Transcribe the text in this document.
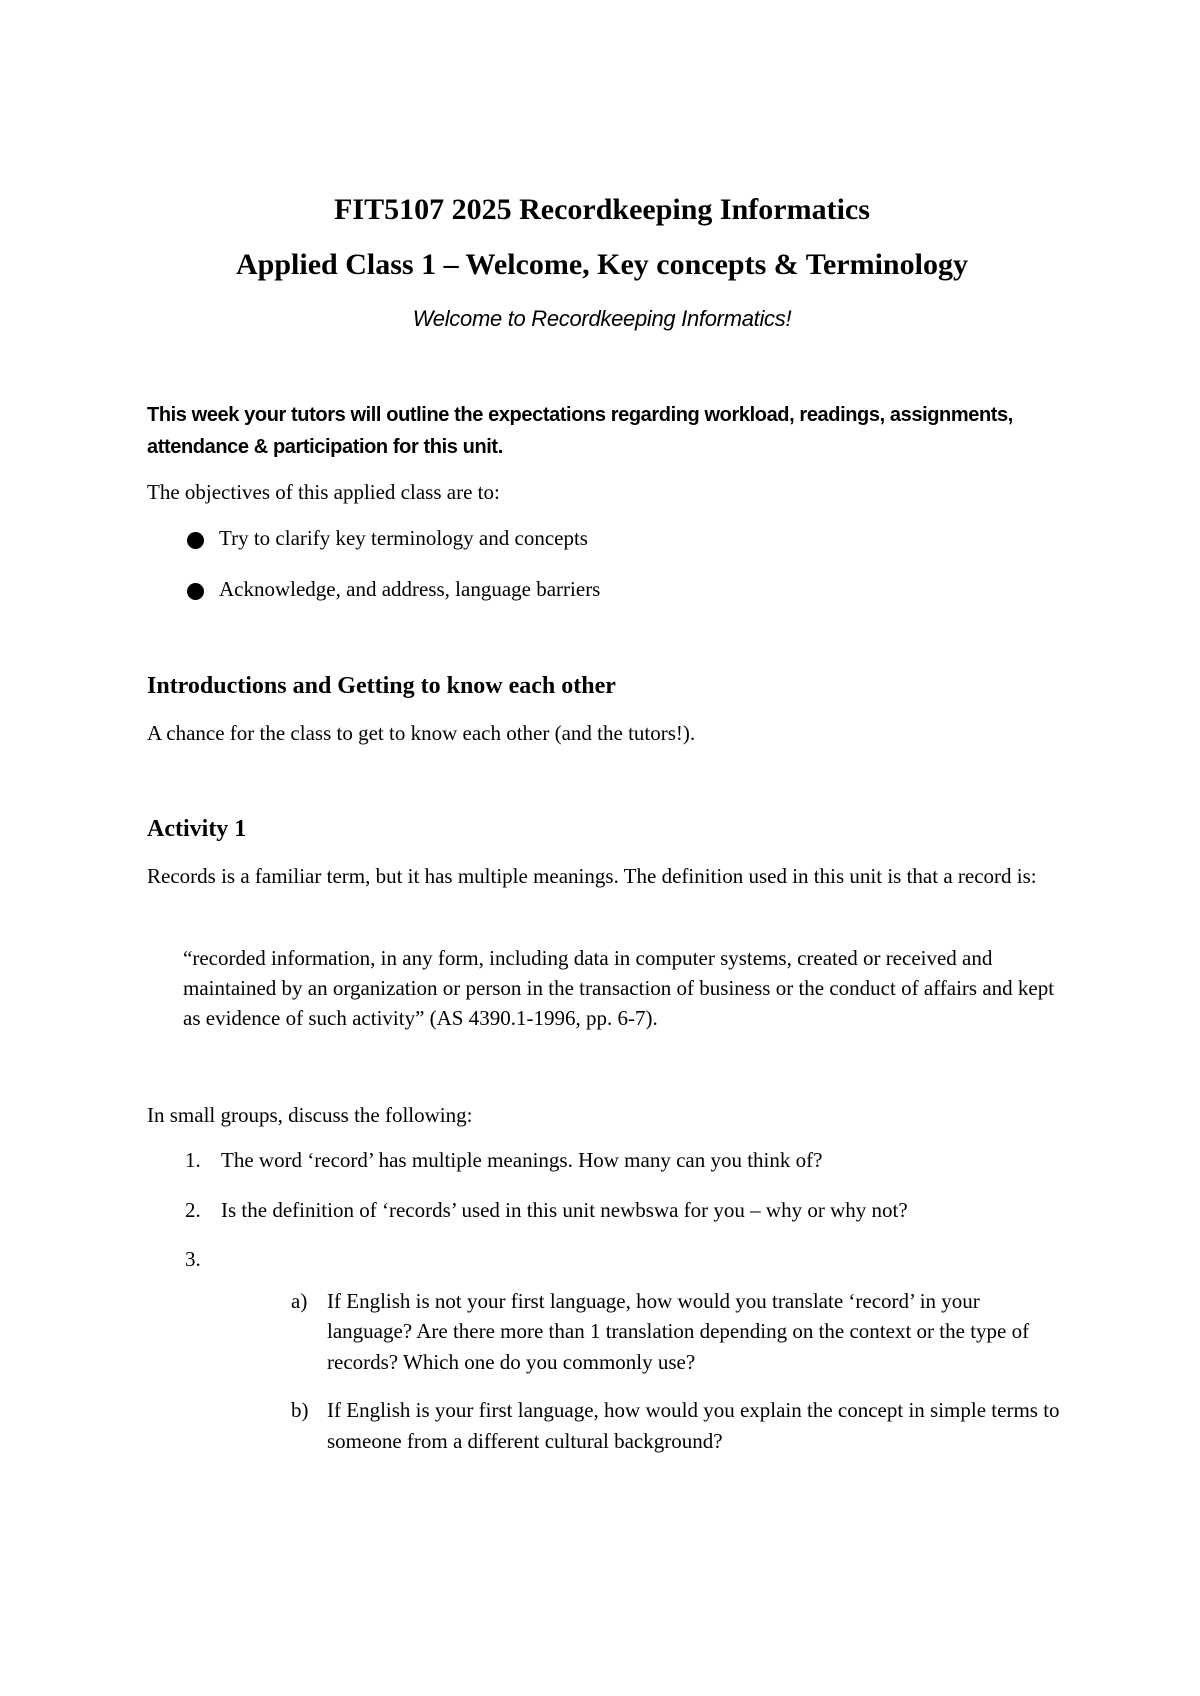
FIT5107 2025 Recordkeeping Informatics
Applied Class 1 – Welcome, Key concepts & Terminology

Welcome to Recordkeeping Informatics!

This week your tutors will outline the expectations regarding workload, readings, assignments, attendance & participation for this unit.

The objectives of this applied class are to:

Try to clarify key terminology and concepts
Acknowledge, and address, language barriers
Introductions and Getting to know each other

A chance for the class to get to know each other (and the tutors!).

Activity 1

Records is a familiar term, but it has multiple meanings. The definition used in this unit is that a record is:

“recorded information, in any form, including data in computer systems, created or received and maintained by an organization or person in the transaction of business or the conduct of affairs and kept as evidence of such activity” (AS 4390.1-1996, pp. 6-7).

In small groups, discuss the following:

1. The word ‘record’ has multiple meanings. How many can you think of?
2. Is the definition of ‘records’ used in this unit newbswa for you – why or why not?
3.

a) If English is not your first language, how would you translate ‘record’ in your language? Are there more than 1 translation depending on the context or the type of records? Which one do you commonly use?
b) If English is your first language, how would you explain the concept in simple terms to someone from a different cultural background?
